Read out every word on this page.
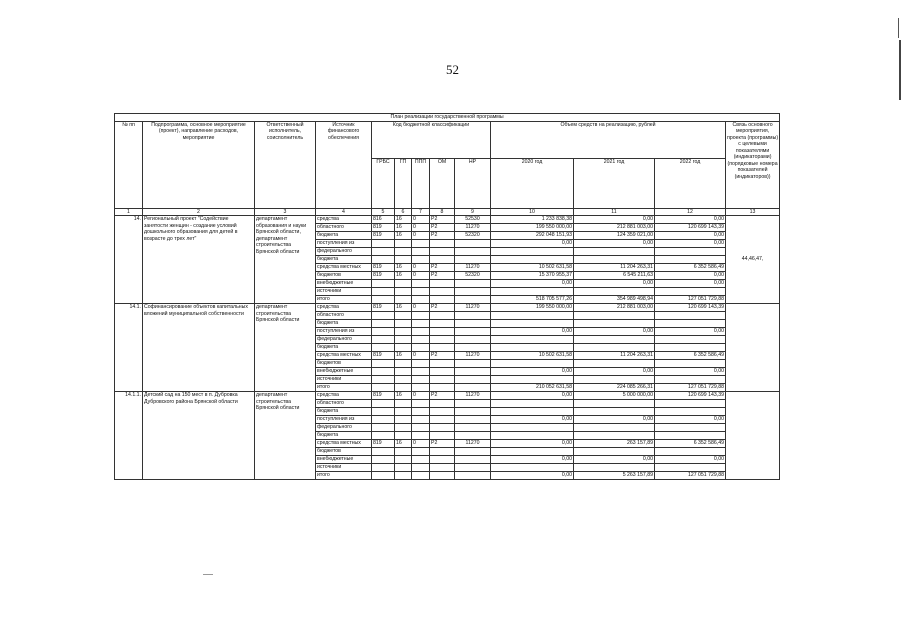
52
План реализации государственной программы												
№ пп	Подпрограмма, основное мероприятие (проект), направление расходов, мероприятие	Ответственный исполнитель, соисполнитель	Источник финансового обеспечения	Код бюджетной классификации					Объем средств на реализацию, рублей			Связь основного мероприятия, проекта (программы) с целевыми показателями (индикаторами) (порядковые номера показателей (индикаторов))
				ГРБС	ГП	ППП	ОМ	НР	2020 год	2021 год	2022 год	
1	2	3	4	5	6	7	8	9	10	11	12	13
14.	Региональный проект "Содействие занятости женщин - создание условий дошкольного образования для детей в возрасте до трех лет"	департамент образования и науки Брянской области, департамент строительства Брянской области	средства	816	16	0	P2	52530	1 233 838,38	0,00	0,00	44,46,47,
			областного	819	16	0	P2	11270	199 550 000,00	212 881 003,00	120 699 143,39	
			бюджета	819	16	0	P2	52320	292 048 151,93	124 359 021,00	0,00	
			поступления из						0,00	0,00	0,00	
			федерального									
			бюджета									
			средства местных	819	16	0	P2	11270	10 502 631,58	11 204 263,31	6 352 586,49	
			бюджетов	819	16	0	P2	52320	15 370 955,37	6 545 211,63	0,00	
			внебюджетные						0,00	0,00	0,00	
			источники									
			итого						518 705 577,26	354 989 498,94	127 051 729,88	
14.1.	Софинансирование объектов капитальных вложений муниципальной собственности	департамент строительства Брянской области	средства	819	16	0	P2	11270	199 550 000,00	212 881 003,00	120 699 143,39	
			областного									
			бюджета									
			поступления из						0,00	0,00	0,00	
			федерального									
			бюджета									
			средства местных	819	16	0	P2	11270	10 502 631,58	11 204 263,31	6 352 586,49	
			бюджетов									
			внебюджетные						0,00	0,00	0,00	
			источники									
			итого						210 052 631,58	224 085 266,31	127 051 729,88	
14.1.1.	Детский сад на 150 мест в п. Дубровка Дубровского района Брянской области	департамент строительства Брянской области	средства	819	16	0	P2	11270	0,00	5 000 000,00	120 699 143,39	
			областного									
			бюджета									
			поступления из						0,00	0,00	0,00	
			федерального									
			бюджета									
			средства местных	819	16	0	P2	11270	0,00	263 157,89	6 352 586,49	
			бюджетов									
			внебюджетные						0,00	0,00	0,00	
			источники									
			итого						0,00	5 263 157,89	127 051 729,88	
